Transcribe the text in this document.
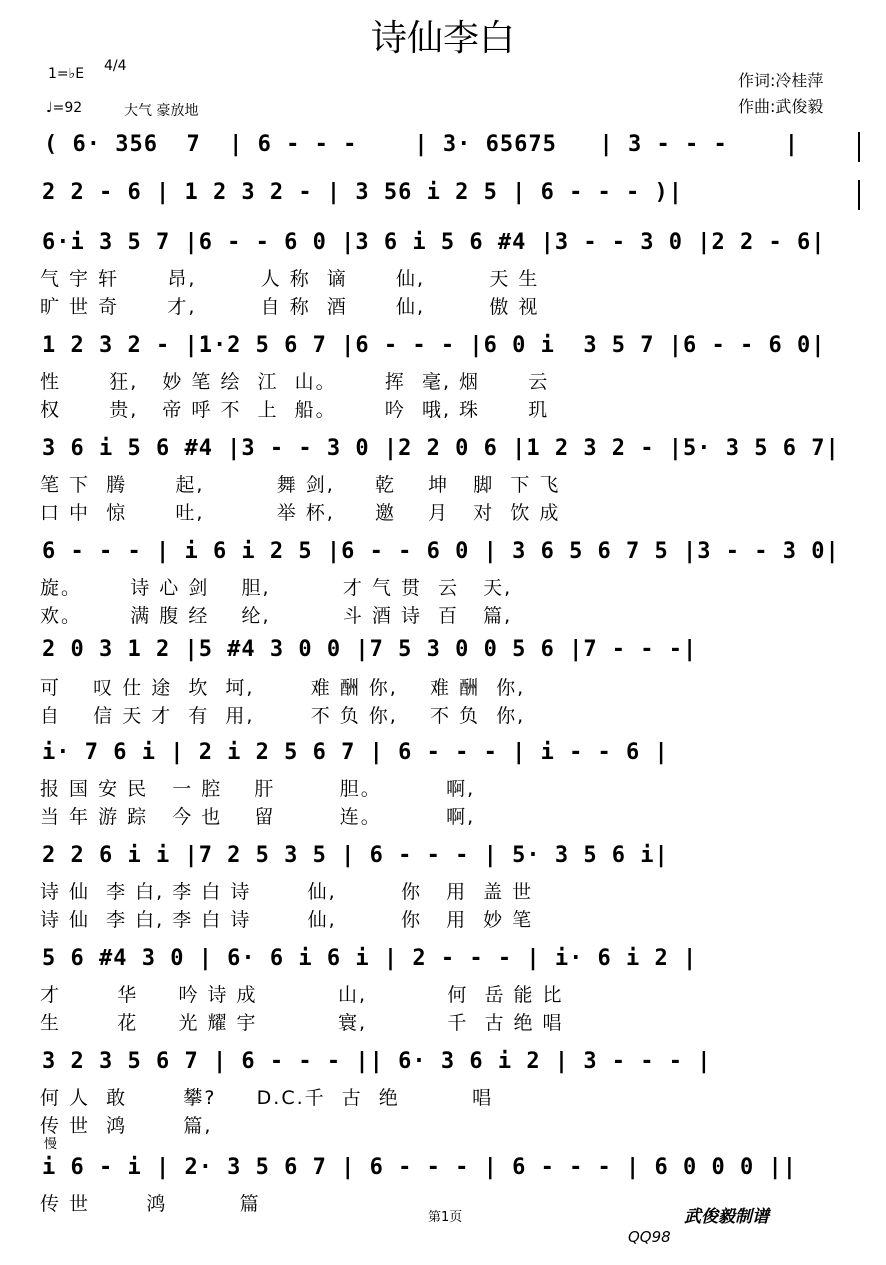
诗仙李白
1=♭E 4/4
♩=92	大气 豪放地
作词:冷桂萍
作曲:武俊毅
( 6· 356  7  | 6 - - -    | 3· 65675   | 3 - - -    |
2 2 - 6 | 1 2 3 2 - | 3 56 i 2 5 | 6 - - - )|
6·i 3 5 7 |6 - - 6 0 |3 6 i 5 6 #4 |3 - - 3 0 |2 2 - 6|
气 宇 轩      昂,        人 称  谪      仙,        天 生
旷 世 奇      才,        自 称  酒      仙,        傲 视
1 2 3 2 - |1·2 5 6 7 |6 - - - |6 0 i  3 5 7 |6 - - 6 0|
性      狂,   妙 笔 绘  江  山。      挥  毫, 烟      云
权      贵,   帝 呼 不  上  船。      吟  哦, 珠      玑
3 6 i 5 6 #4 |3 - - 3 0 |2 2 0 6 |1 2 3 2 - |5· 3 5 6 7|
笔 下  腾      起,         舞 剑,     乾    坤   脚  下 飞
口 中  惊      吐,         举 杯,     邀    月   对  饮 成
6 - - - | i 6 i 2 5 |6 - - 6 0 | 3 6 5 6 7 5 |3 - - 3 0|
旋。      诗 心 剑    胆,         才 气 贯  云   天,
欢。      满 腹 经    纶,         斗 酒 诗  百   篇,
2 0 3 1 2 |5 #4 3 0 0 |7 5 3 0 0 5 6 |7 - - -|
可    叹 仕 途  坎  坷,       难 酬 你,    难 酬  你,
自    信 天 才  有  用,       不 负 你,    不 负  你,
i· 7 6 i | 2 i 2 5 6 7 | 6 - - - | i - - 6 |
报 国 安 民   一 腔    肝        胆。        啊,
当 年 游 踪   今 也    留        连。        啊,
2 2 6 i i |7 2 5 3 5 | 6 - - - | 5· 3 5 6 i|
诗 仙  李 白, 李 白 诗       仙,        你   用  盖 世
诗 仙  李 白, 李 白 诗       仙,        你   用  妙 笔
5 6 #4 3 0 | 6· 6 i 6 i | 2 - - - | i· 6 i 2 |
才       华     吟 诗 成          山,          何  岳 能 比
生       花     光 耀 宇          寰,          千  古 绝 唱
3 2 3 5 6 7 | 6 - - - || 6· 3 6 i 2 | 3 - - - |
何 人  敢       攀?     D.C.千  古  绝         唱
传 世  鸿       篇,
慢
i 6 - i | 2· 3 5 6 7 | 6 - - - | 6 - - - | 6 0 0 0 ||
传 世       鸿         篇
第1页	武俊毅制谱
QQ98
